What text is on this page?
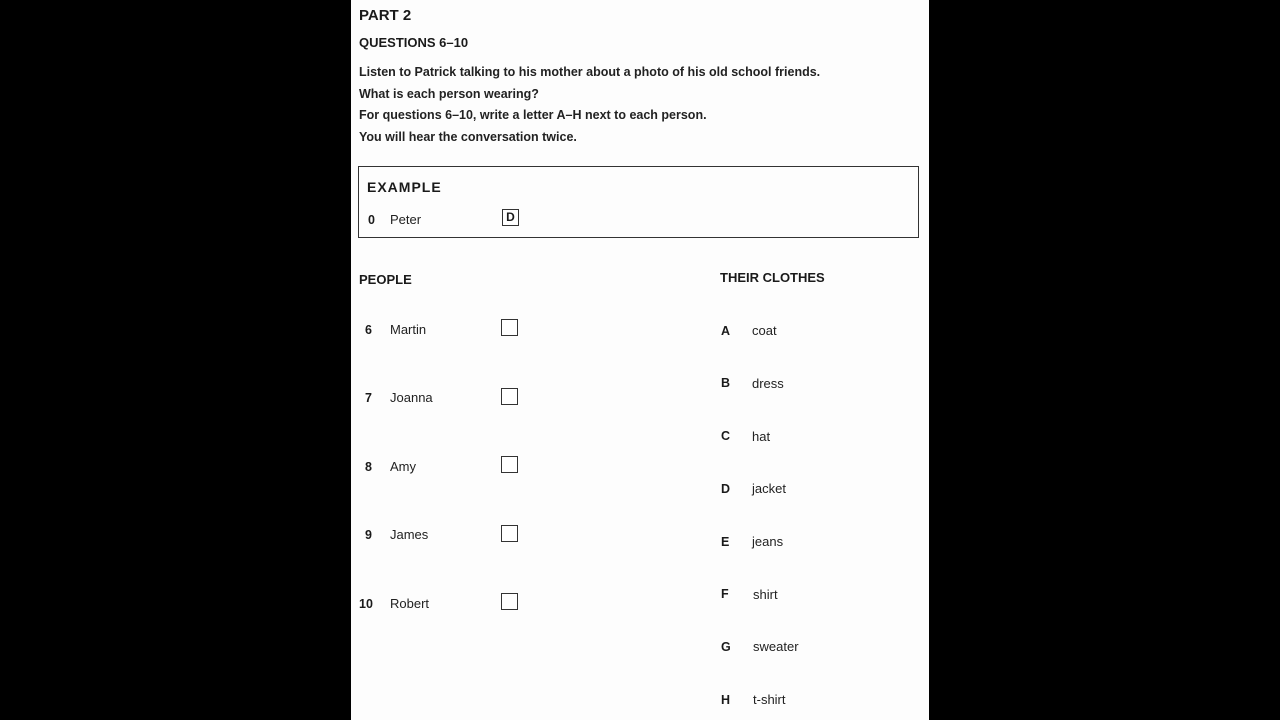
PART 2
QUESTIONS 6–10
Listen to Patrick talking to his mother about a photo of his old school friends.
What is each person wearing?
For questions 6–10, write a letter A–H next to each person.
You will hear the conversation twice.
EXAMPLE
0 Peter	D
PEOPLE
6 Martin
7 Joanna
8 Amy
9 James
10 Robert
THEIR CLOTHES
A coat
B dress
C hat
D jacket
E jeans
F shirt
G sweater
H t-shirt
